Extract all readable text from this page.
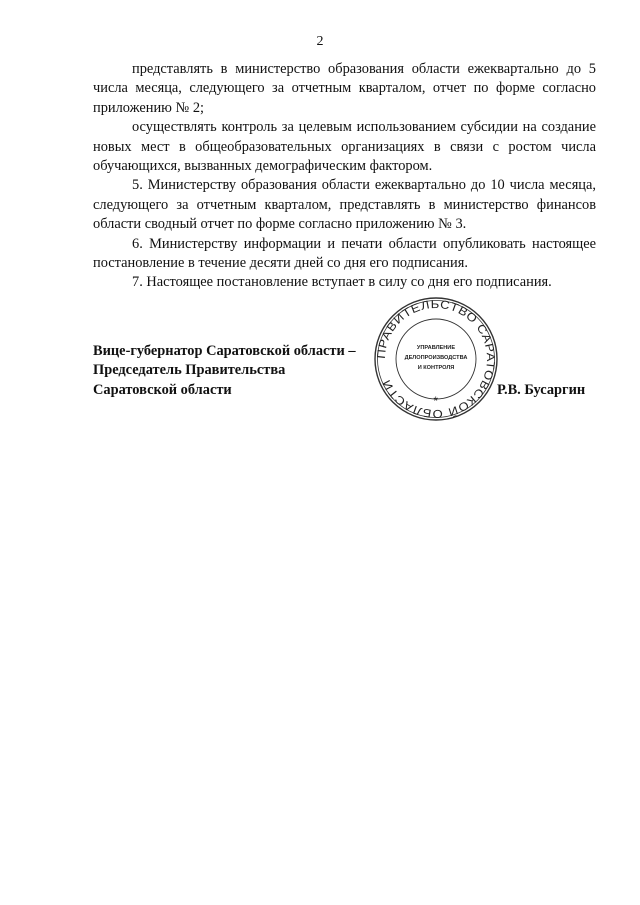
2

представлять в министерство образования области ежеквартально до 5 числа месяца, следующего за отчетным кварталом, отчет по форме согласно приложению № 2;

осуществлять контроль за целевым использованием субсидии на создание новых мест в общеобразовательных организациях в связи с ростом числа обучающихся, вызванных демографическим фактором.

5. Министерству образования области ежеквартально до 10 числа месяца, следующего за отчетным кварталом, представлять в министерство финансов области сводный отчет по форме согласно приложению № 3.

6. Министерству информации и печати области опубликовать настоящее постановление в течение десяти дней со дня его подписания.

7. Настоящее постановление вступает в силу со дня его подписания.

Вице-губернатор Саратовской области –
Председатель Правительства
Саратовской области
ПРАВИТЕЛЬСТВО САРАТОВСКОЙ ОБЛАСТИ
УПРАВЛЕНИЕ
ДЕЛОПРОИЗВОДСТВА
И КОНТРОЛЯ
*
Р.В. Бусаргин
